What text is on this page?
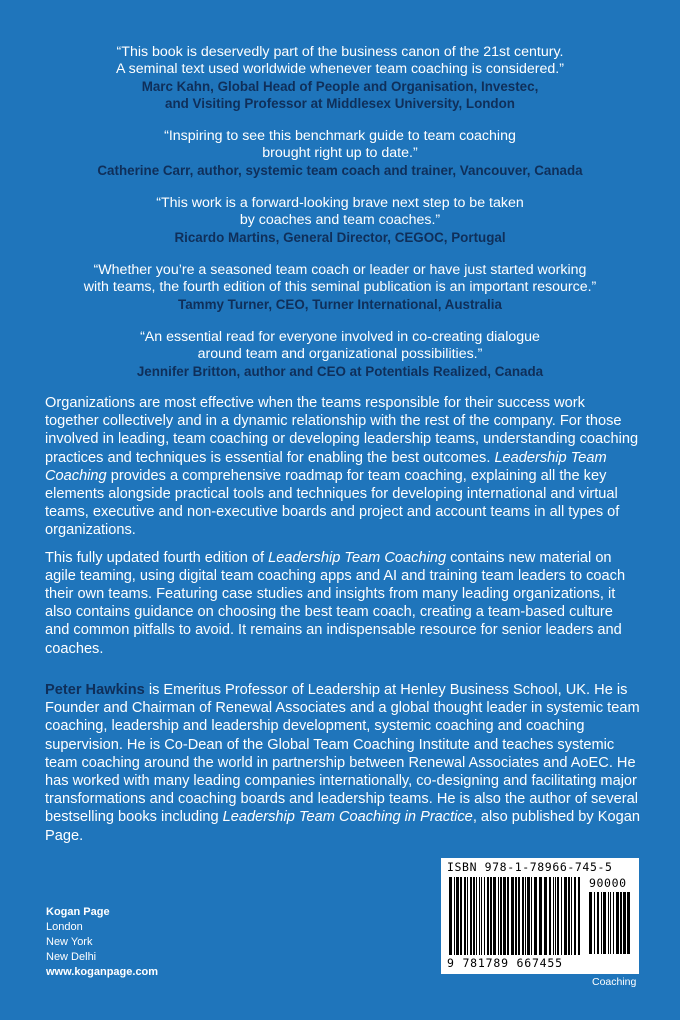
“This book is deservedly part of the business canon of the 21st century.
A seminal text used worldwide whenever team coaching is considered.”
Marc Kahn, Global Head of People and Organisation, Investec,
and Visiting Professor at Middlesex University, London
“Inspiring to see this benchmark guide to team coaching
brought right up to date.”
Catherine Carr, author, systemic team coach and trainer, Vancouver, Canada
“This work is a forward-looking brave next step to be taken
by coaches and team coaches.”
Ricardo Martins, General Director, CEGOC, Portugal
“Whether you’re a seasoned team coach or leader or have just started working
with teams, the fourth edition of this seminal publication is an important resource.”
Tammy Turner, CEO, Turner International, Australia
“An essential read for everyone involved in co-creating dialogue
around team and organizational possibilities.”
Jennifer Britton, author and CEO at Potentials Realized, Canada

Organizations are most effective when the teams responsible for their success work together collectively and in a dynamic relationship with the rest of the company. For those involved in leading, team coaching or developing leadership teams, understanding coaching practices and techniques is essential for enabling the best outcomes. Leadership Team Coaching provides a comprehensive roadmap for team coaching, explaining all the key elements alongside practical tools and techniques for developing international and virtual teams, executive and non-executive boards and project and account teams in all types of organizations.

This fully updated fourth edition of Leadership Team Coaching contains new material on agile teaming, using digital team coaching apps and AI and training team leaders to coach their own teams. Featuring case studies and insights from many leading organizations, it also contains guidance on choosing the best team coach, creating a team-based culture and common pitfalls to avoid. It remains an indispensable resource for senior leaders and coaches.

Peter Hawkins is Emeritus Professor of Leadership at Henley Business School, UK. He is Founder and Chairman of Renewal Associates and a global thought leader in systemic team coaching, leadership and leadership development, systemic coaching and coaching supervision. He is Co-Dean of the Global Team Coaching Institute and teaches systemic team coaching around the world in partnership between Renewal Associates and AoEC. He has worked with many leading companies internationally, co-designing and facilitating major transformations and coaching boards and leadership teams. He is also the author of several bestselling books including Leadership Team Coaching in Practice, also published by Kogan Page.
Kogan Page
London
New York
New Delhi
www.koganpage.com
ISBN 978-1-78966-745-5
90000
9 781789 667455
Coaching
